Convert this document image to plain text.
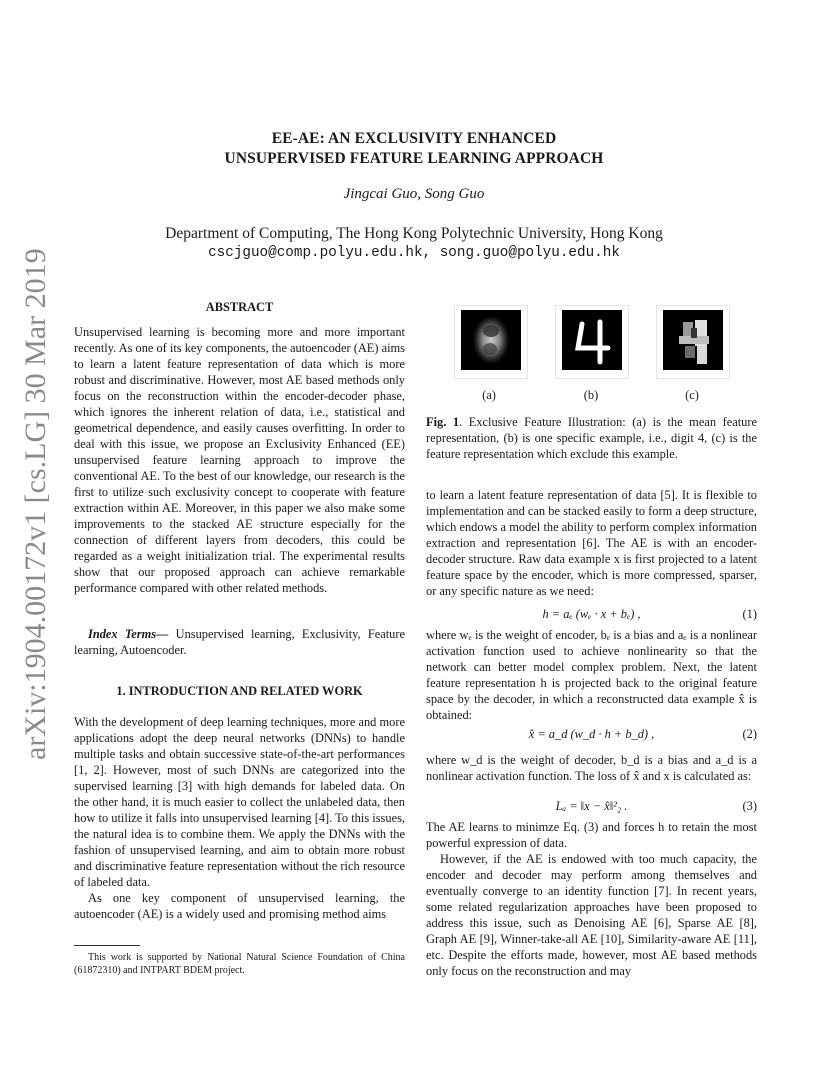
arXiv:1904.00172v1 [cs.LG] 30 Mar 2019
EE-AE: AN EXCLUSIVITY ENHANCED
UNSUPERVISED FEATURE LEARNING APPROACH
Jingcai Guo, Song Guo
Department of Computing, The Hong Kong Polytechnic University, Hong Kong
cscjguo@comp.polyu.edu.hk, song.guo@polyu.edu.hk
ABSTRACT

Unsupervised learning is becoming more and more important recently. As one of its key components, the autoencoder (AE) aims to learn a latent feature representation of data which is more robust and discriminative. However, most AE based methods only focus on the reconstruction within the encoder-decoder phase, which ignores the inherent relation of data, i.e., statistical and geometrical dependence, and easily causes overfitting. In order to deal with this issue, we propose an Exclusivity Enhanced (EE) unsupervised feature learning approach to improve the conventional AE. To the best of our knowledge, our research is the first to utilize such exclusivity concept to cooperate with feature extraction within AE. Moreover, in this paper we also make some improvements to the stacked AE structure especially for the connection of different layers from decoders, this could be regarded as a weight initialization trial. The experimental results show that our proposed approach can achieve remarkable performance compared with other related methods.

Index Terms— Unsupervised learning, Exclusivity, Feature learning, Autoencoder.

1. INTRODUCTION AND RELATED WORK

With the development of deep learning techniques, more and more applications adopt the deep neural networks (DNNs) to handle multiple tasks and obtain successive state-of-the-art performances [1, 2]. However, most of such DNNs are categorized into the supervised learning [3] with high demands for labeled data. On the other hand, it is much easier to collect the unlabeled data, then how to utilize it falls into unsupervised learning [4]. To this issues, the natural idea is to combine them. We apply the DNNs with the fashion of unsupervised learning, and aim to obtain more robust and discriminative feature representation without the rich resource of labeled data.

As one key component of unsupervised learning, the autoencoder (AE) is a widely used and promising method aims

This work is supported by National Natural Science Foundation of China (61872310) and INTPART BDEM project.

(a)	(b)	(c)

Fig. 1. Exclusive Feature Illustration: (a) is the mean feature representation, (b) is one specific example, i.e., digit 4, (c) is the feature representation which exclude this example.

to learn a latent feature representation of data [5]. It is flexible to implementation and can be stacked easily to form a deep structure, which endows a model the ability to perform complex information extraction and representation [6]. The AE is with an encoder-decoder structure. Raw data example x is first projected to a latent feature space by the encoder, which is more compressed, sparser, or any specific nature as we need:

h = aₑ (wₑ · x + bₑ) ,	(1)

where wₑ is the weight of encoder, bₑ is a bias and aₑ is a nonlinear activation function used to achieve nonlinearity so that the network can better model complex problem. Next, the latent feature representation h is projected back to the original feature space by the decoder, in which a reconstructed data example x̂ is obtained:

x̂ = a_d (w_d · h + b_d) ,	(2)

where w_d is the weight of decoder, b_d is a bias and a_d is a nonlinear activation function. The loss of x̂ and x is calculated as:

Lₐ = ‖x − x̂‖²₂ .	(3)

The AE learns to minimze Eq. (3) and forces h to retain the most powerful expression of data.

However, if the AE is endowed with too much capacity, the encoder and decoder may perform among themselves and eventually converge to an identity function [7]. In recent years, some related regularization approaches have been proposed to address this issue, such as Denoising AE [6], Sparse AE [8], Graph AE [9], Winner-take-all AE [10], Similarity-aware AE [11], etc. Despite the efforts made, however, most AE based methods only focus on the reconstruction and may
